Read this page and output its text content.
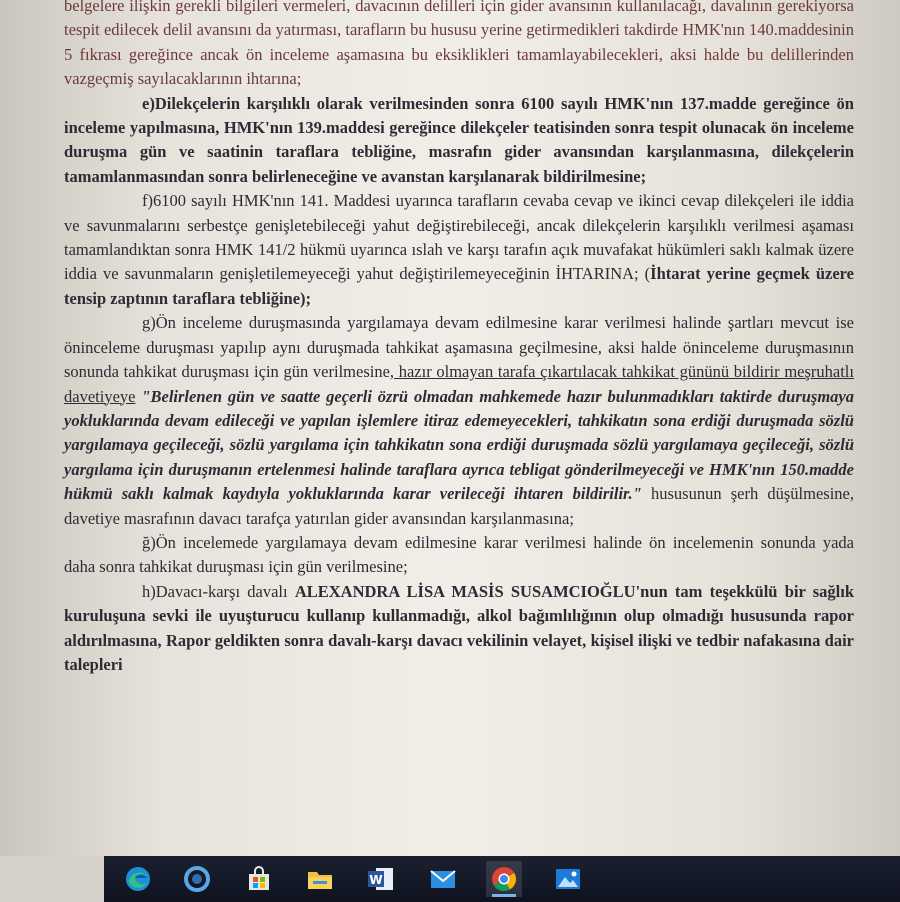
belgelere ilişkin gerekli bilgileri vermeleri, davacının delilleri için gider avansının kullanılacağı, davalının gerekiyorsa tespit edilecek delil avansını da yatırması, tarafların bu hususu yerine getirmedikleri takdirde HMK'nın 140.maddesinin 5 fıkrası gereğince ancak ön inceleme aşamasına bu eksiklikleri tamamlayabilecekleri, aksi halde bu delillerinden vazgeçmiş sayılacaklarının ihtarına;

e)Dilekçelerin karşılıklı olarak verilmesinden sonra 6100 sayılı HMK'nın 137.madde gereğince ön inceleme yapılmasına, HMK'nın 139.maddesi gereğince dilekçeler teatisinden sonra tespit olunacak ön inceleme duruşma gün ve saatinin taraflara tebliğine, masrafın gider avansından karşılanmasına, dilekçelerin tamamlanmasından sonra belirleneceğine ve avanstan karşılanarak bildirilmesine;

f)6100 sayılı HMK'nın 141. Maddesi uyarınca tarafların cevaba cevap ve ikinci cevap dilekçeleri ile iddia ve savunmalarını serbestçe genişletebileceği yahut değiştirebileceği, ancak dilekçelerin karşılıklı verilmesi aşaması tamamlandıktan sonra HMK 141/2 hükmü uyarınca ıslah ve karşı tarafın açık muvafakat hükümleri saklı kalmak üzere iddia ve savunmaların genişletilemeyeceği yahut değiştirilemeyeceğinin İHTARINA; (İhtarat yerine geçmek üzere tensip zaptının taraflara tebliğine);

g)Ön inceleme duruşmasında yargılamaya devam edilmesine karar verilmesi halinde şartları mevcut ise öninceleme duruşması yapılıp aynı duruşmada tahkikat aşamasına geçilmesine, aksi halde öninceleme duruşmasının sonunda tahkikat duruşması için gün verilmesine, hazır olmayan tarafa çıkartılacak tahkikat gününü bildirir meşruhatlı davetiyeye "Belirlenen gün ve saatte geçerli özrü olmadan mahkemede hazır bulunmadıkları taktirde duruşmaya yokluklarında devam edileceği ve yapılan işlemlere itiraz edemeyecekleri, tahkikatın sona erdiği duruşmada sözlü yargılamaya geçileceği, sözlü yargılama için tahkikatın sona erdiği duruşmada sözlü yargılamaya geçileceği, sözlü yargılama için duruşmanın ertelenmesi halinde taraflara ayrıca tebligat gönderilmeyeceği ve HMK'nın 150.madde hükmü saklı kalmak kaydıyla yokluklarında karar verileceği ihtaren bildirilir." hususunun şerh düşülmesine, davetiye masrafının davacı tarafça yatırılan gider avansından karşılanmasına;

ğ)Ön incelemede yargılamaya devam edilmesine karar verilmesi halinde ön incelemenin sonunda yada daha sonra tahkikat duruşması için gün verilmesine;

h)Davacı-karşı davalı ALEXANDRA LİSA MASİS SUSAMCIOĞLU'nun tam teşekkülü bir sağlık kuruluşuna sevki ile uyuşturucu kullanıp kullanmadığı, alkol bağımlılığının olup olmadığı hususunda rapor aldırılmasına, Rapor geldikten sonra davalı-karşı davacı vekilinin velayet, kişisel ilişki ve tedbir nafakasına dair talepleri

W
